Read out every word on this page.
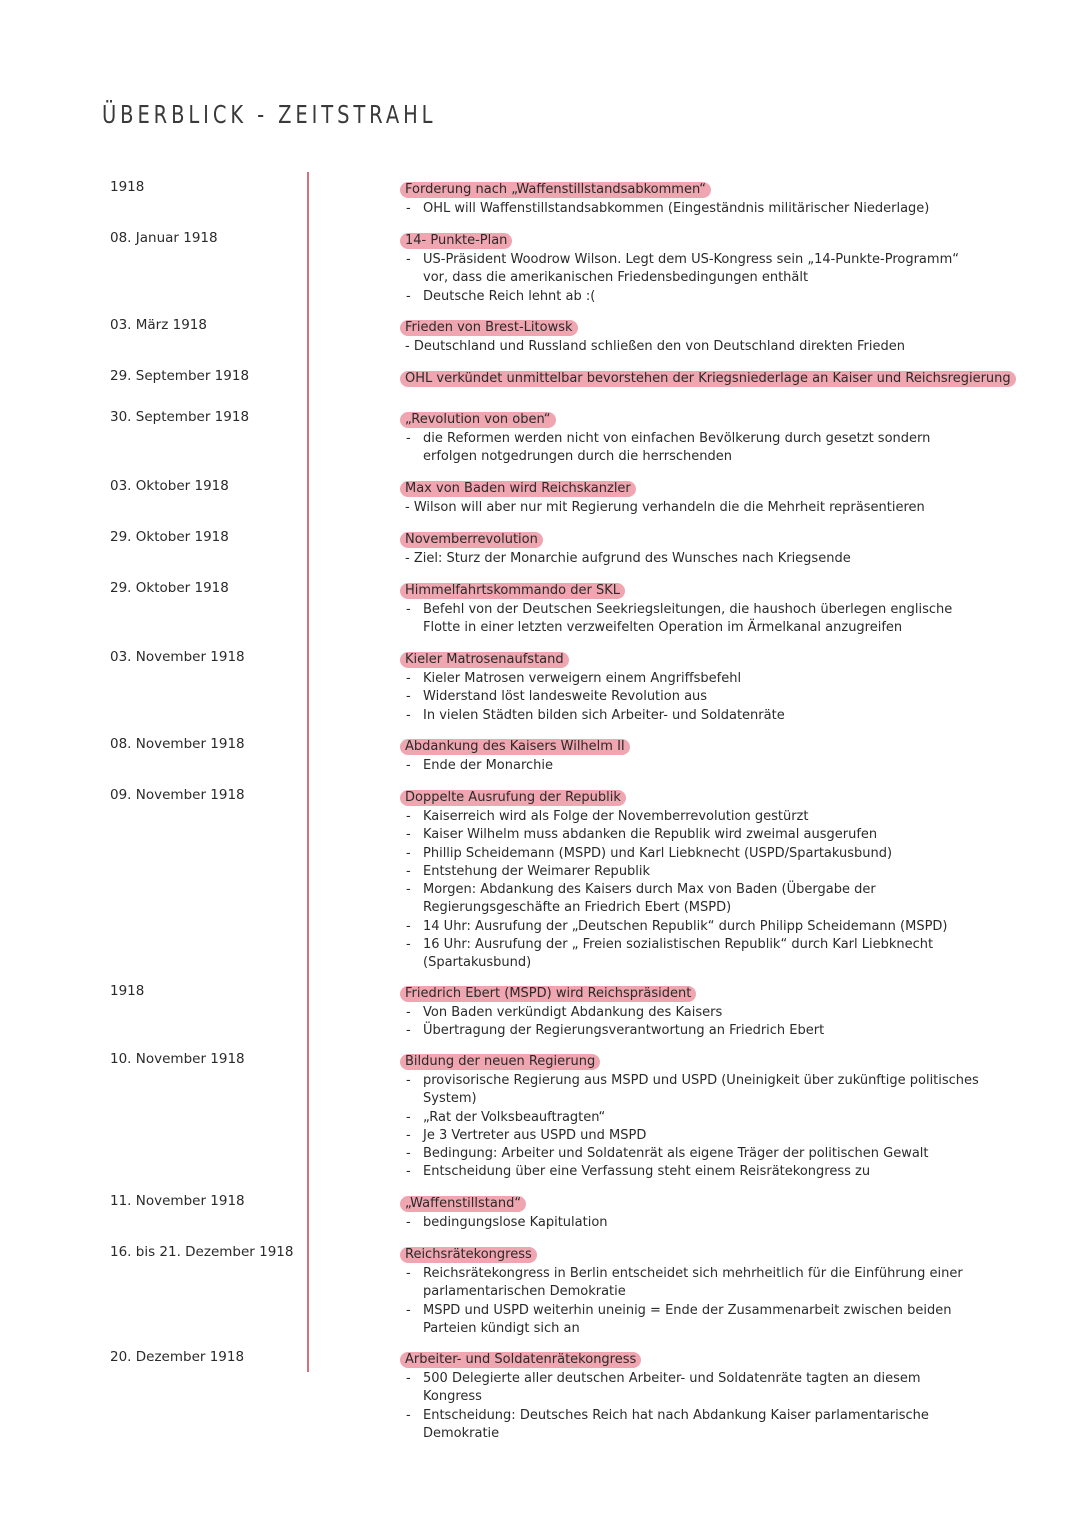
ÜBERBLICK - ZEITSTRAHL
1918	Forderung nach „Waffenstillstandsabkommen“
- OHL will Waffenstillstandsabkommen (Eingeständnis militärischer Niederlage)
08. Januar 1918	14- Punkte-Plan
- US-Präsident Woodrow Wilson. Legt dem US-Kongress sein „14-Punkte-Programm“ vor, dass die amerikanischen Friedensbedingungen enthält
- Deutsche Reich lehnt ab :(
03. März 1918	Frieden von Brest-Litowsk
- Deutschland und Russland schließen den von Deutschland direkten Frieden
29. September 1918	OHL verkündet unmittelbar bevorstehen der Kriegsniederlage an Kaiser und Reichsregierung
30. September 1918	„Revolution von oben“
- die Reformen werden nicht von einfachen Bevölkerung durch gesetzt sondern erfolgen notgedrungen durch die herrschenden
03. Oktober 1918	Max von Baden wird Reichskanzler
- Wilson will aber nur mit Regierung verhandeln die die Mehrheit repräsentieren
29. Oktober 1918	Novemberrevolution
- Ziel: Sturz der Monarchie aufgrund des Wunsches nach Kriegsende
29. Oktober 1918	Himmelfahrtskommando der SKL
- Befehl von der Deutschen Seekriegsleitungen, die haushoch überlegen englische Flotte in einer letzten verzweifelten Operation im Ärmelkanal anzugreifen
03. November 1918	Kieler Matrosenaufstand
- Kieler Matrosen verweigern einem Angriffsbefehl
- Widerstand löst landesweite Revolution aus
- In vielen Städten bilden sich Arbeiter- und Soldatenräte
08. November 1918	Abdankung des Kaisers Wilhelm II
- Ende der Monarchie
09. November 1918	Doppelte Ausrufung der Republik
- Kaiserreich wird als Folge der Novemberrevolution gestürzt
- Kaiser Wilhelm muss abdanken die Republik wird zweimal ausgerufen
- Phillip Scheidemann (MSPD) und Karl Liebknecht (USPD/Spartakusbund)
- Entstehung der Weimarer Republik
- Morgen: Abdankung des Kaisers durch Max von Baden (Übergabe der Regierungsgeschäfte an Friedrich Ebert (MSPD)
- 14 Uhr: Ausrufung der „Deutschen Republik“ durch Philipp Scheidemann (MSPD)
- 16 Uhr: Ausrufung der „ Freien sozialistischen Republik“ durch Karl Liebknecht (Spartakusbund)
1918	Friedrich Ebert (MSPD) wird Reichspräsident
- Von Baden verkündigt Abdankung des Kaisers
- Übertragung der Regierungsverantwortung an Friedrich Ebert
10. November 1918	Bildung der neuen Regierung
- provisorische Regierung aus MSPD und USPD (Uneinigkeit über zukünftige politisches System)
- „Rat der Volksbeauftragten“
- Je 3 Vertreter aus USPD und MSPD
- Bedingung: Arbeiter und Soldatenrät als eigene Träger der politischen Gewalt
- Entscheidung über eine Verfassung steht einem Reisrätekongress zu
11. November 1918	„Waffenstillstand“
- bedingungslose Kapitulation
16. bis 21. Dezember 1918	Reichsrätekongress
- Reichsrätekongress in Berlin entscheidet sich mehrheitlich für die Einführung einer parlamentarischen Demokratie
- MSPD und USPD weiterhin uneinig = Ende der Zusammenarbeit zwischen beiden Parteien kündigt sich an
20. Dezember 1918	Arbeiter- und Soldatenrätekongress
- 500 Delegierte aller deutschen Arbeiter- und Soldatenräte tagten an diesem Kongress
- Entscheidung: Deutsches Reich hat nach Abdankung Kaiser parlamentarische Demokratie
